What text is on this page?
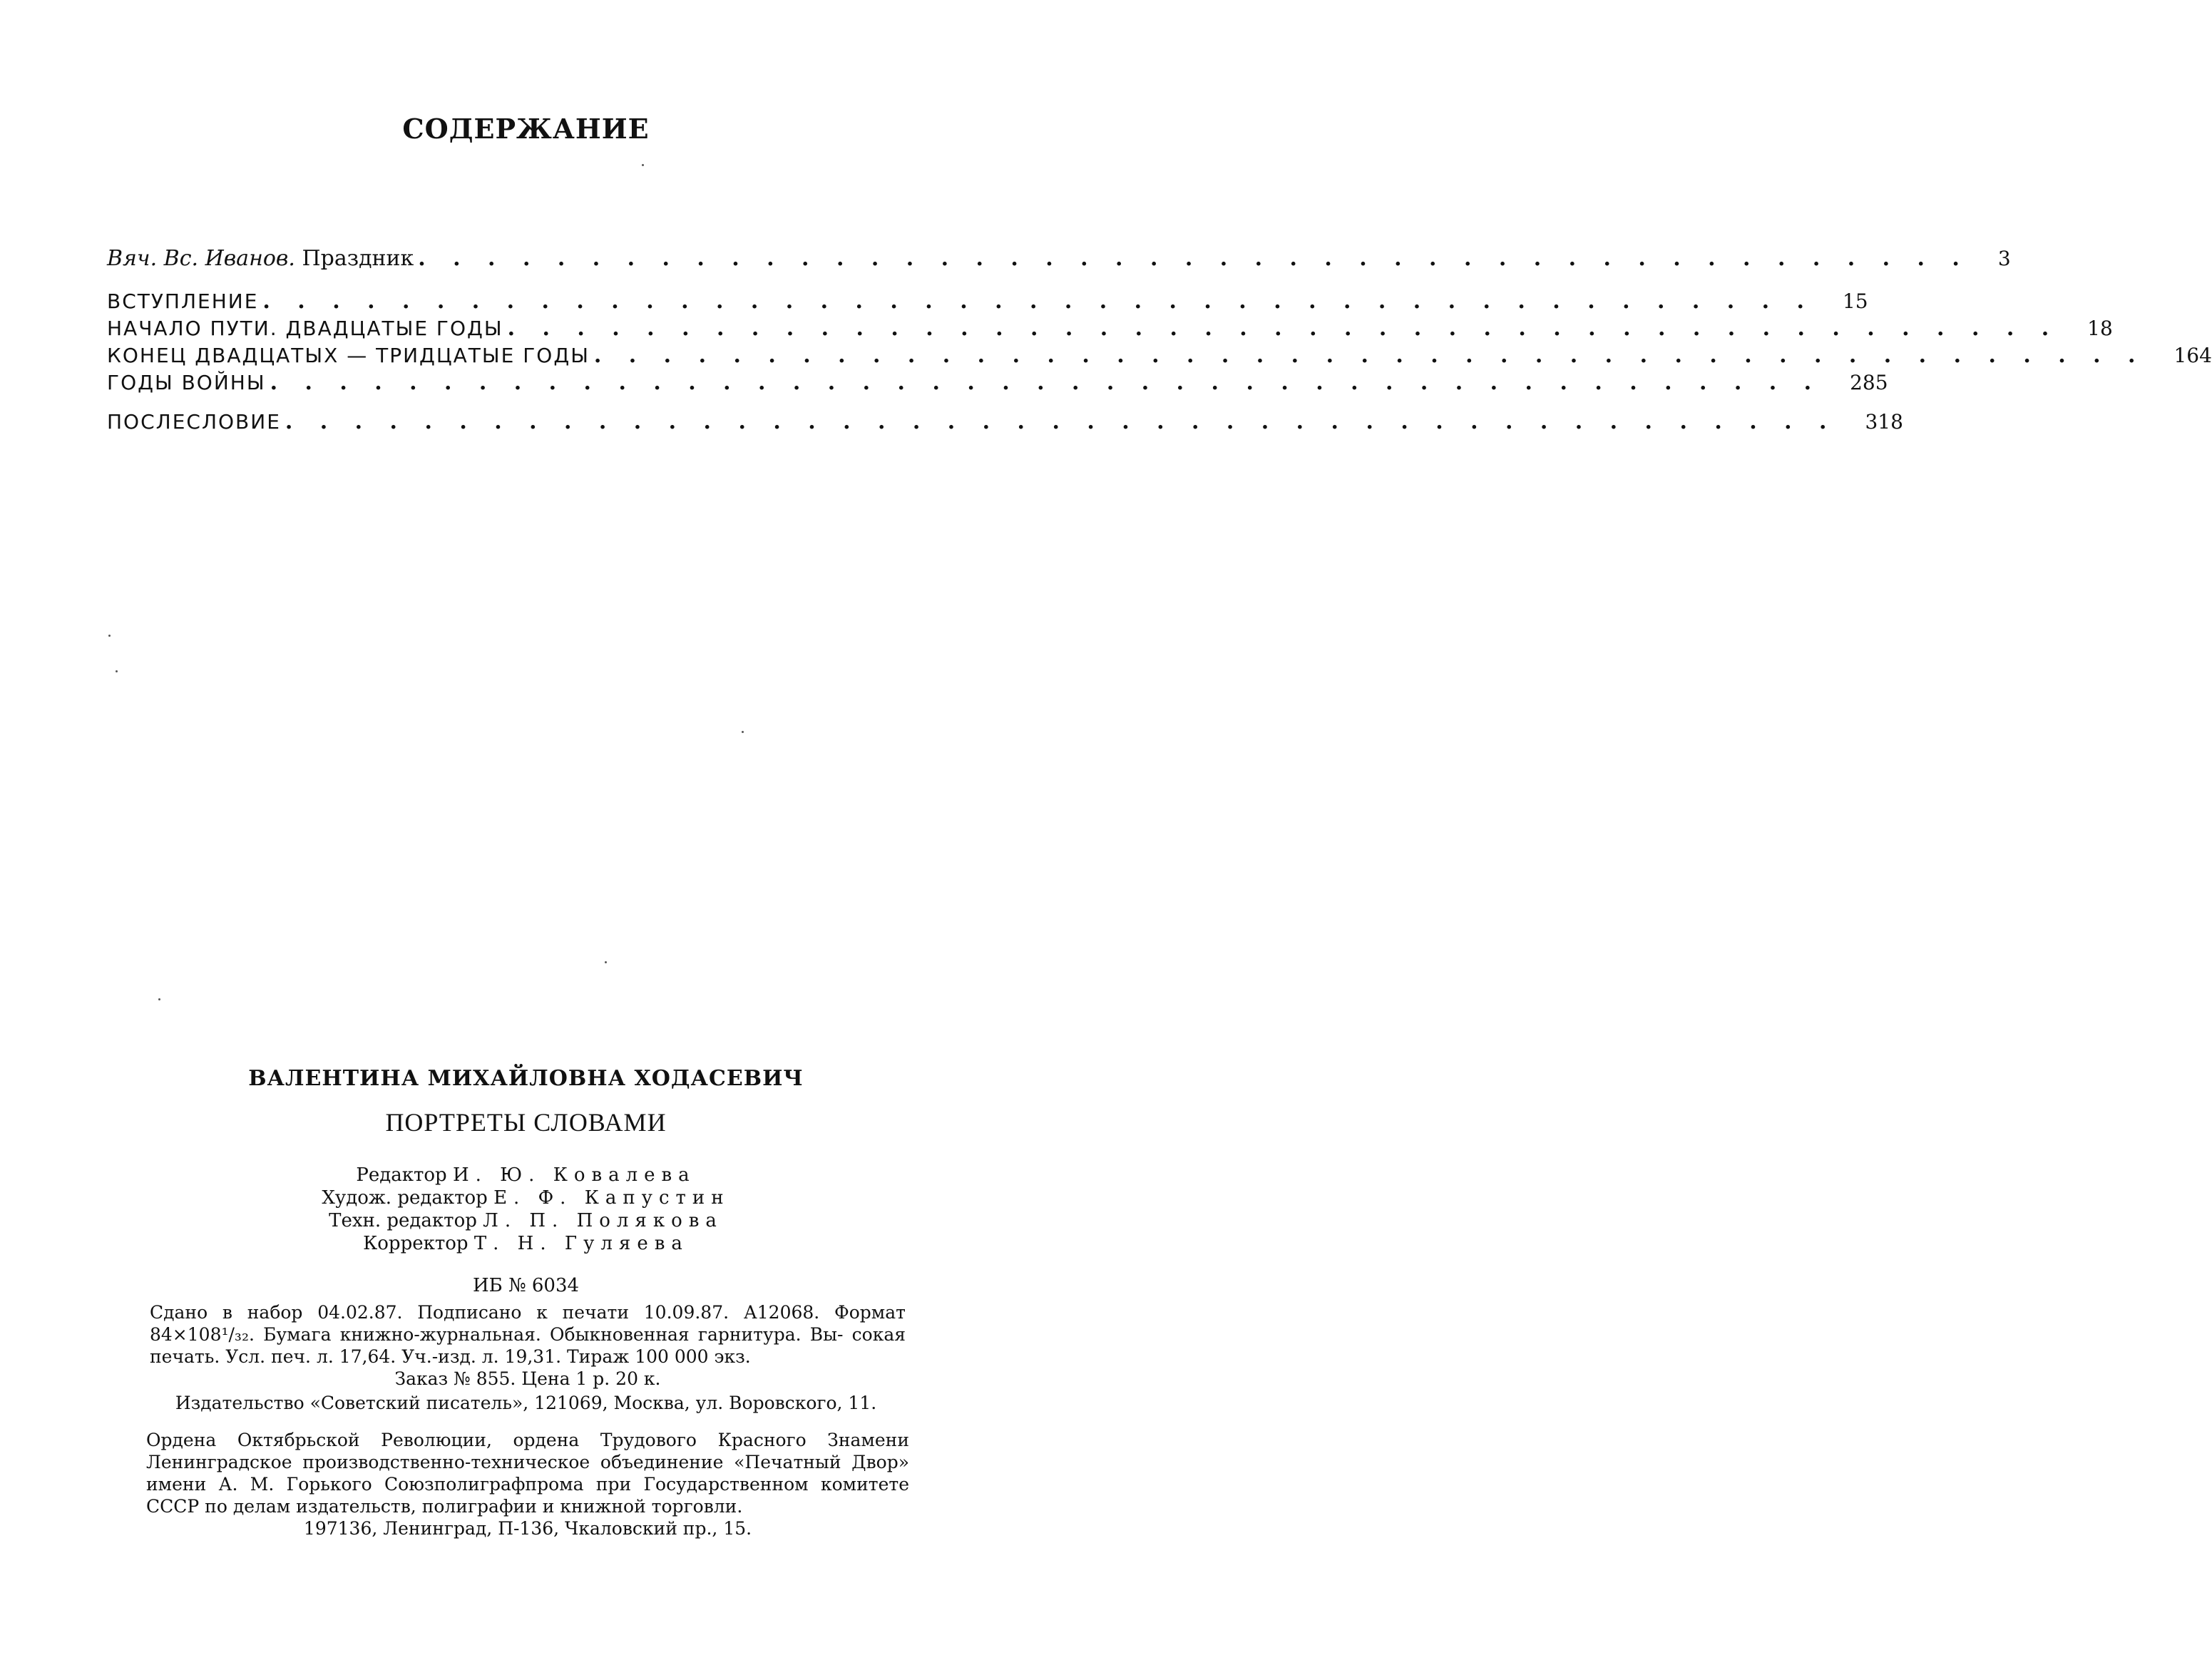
СОДЕРЖАНИЕ
Вяч. Вс. Иванов. Праздник . . . . . . . . . . . . . . . . . . . . . . . . . . . . . . . . . . . . . . . . . . . . . 3
ВСТУПЛЕНИЕ . . . . . . . . . . . . . . . . . . . . . . . . . . . . . . . . . . . . . . . . . . . . . 15
НАЧАЛО ПУТИ. ДВАДЦАТЫЕ ГОДЫ . . . . . . . . . . . . . . . . . . . . . . . . . . . . . . . . . . . . . . . . . . . . . 18
КОНЕЦ ДВАДЦАТЫХ — ТРИДЦАТЫЕ ГОДЫ . . . . . . . . . . . . . . . . . . . . . . . . . . . . . . . . . . . . . . . . . . . . . 164
ГОДЫ ВОЙНЫ . . . . . . . . . . . . . . . . . . . . . . . . . . . . . . . . . . . . . . . . . . . . . 285
ПОСЛЕСЛОВИЕ . . . . . . . . . . . . . . . . . . . . . . . . . . . . . . . . . . . . . . . . . . . . . 318
ВАЛЕНТИНА МИХАЙЛОВНА ХОДАСЕВИЧ
ПОРТРЕТЫ СЛОВАМИ
Редактор И. Ю. Ковалева
Худож. редактор Е. Ф. Капустин
Техн. редактор Л. П. Полякова
Корректор Т. Н. Гуляева
ИБ № 6034
Сдано в набор 04.02.87. Подписано к печати 10.09.87. А12068. Формат 84×108¹/₃₂. Бумага книжно-журнальная. Обыкновенная гарнитура. Вы- сокая печать. Усл. печ. л. 17,64. Уч.-изд. л. 19,31. Тираж 100 000 экз.
Заказ № 855. Цена 1 р. 20 к.
Издательство «Советский писатель», 121069, Москва, ул. Воровского, 11.
Ордена Октябрьской Революции, ордена Трудового Красного Знамени Ленинградское производственно-техническое объединение «Печатный Двор» имени А. М. Горького Союзполиграфпрома при Государственном комитете СССР по делам издательств, полиграфии и книжной торговли.
197136, Ленинград, П-136, Чкаловский пр., 15.
